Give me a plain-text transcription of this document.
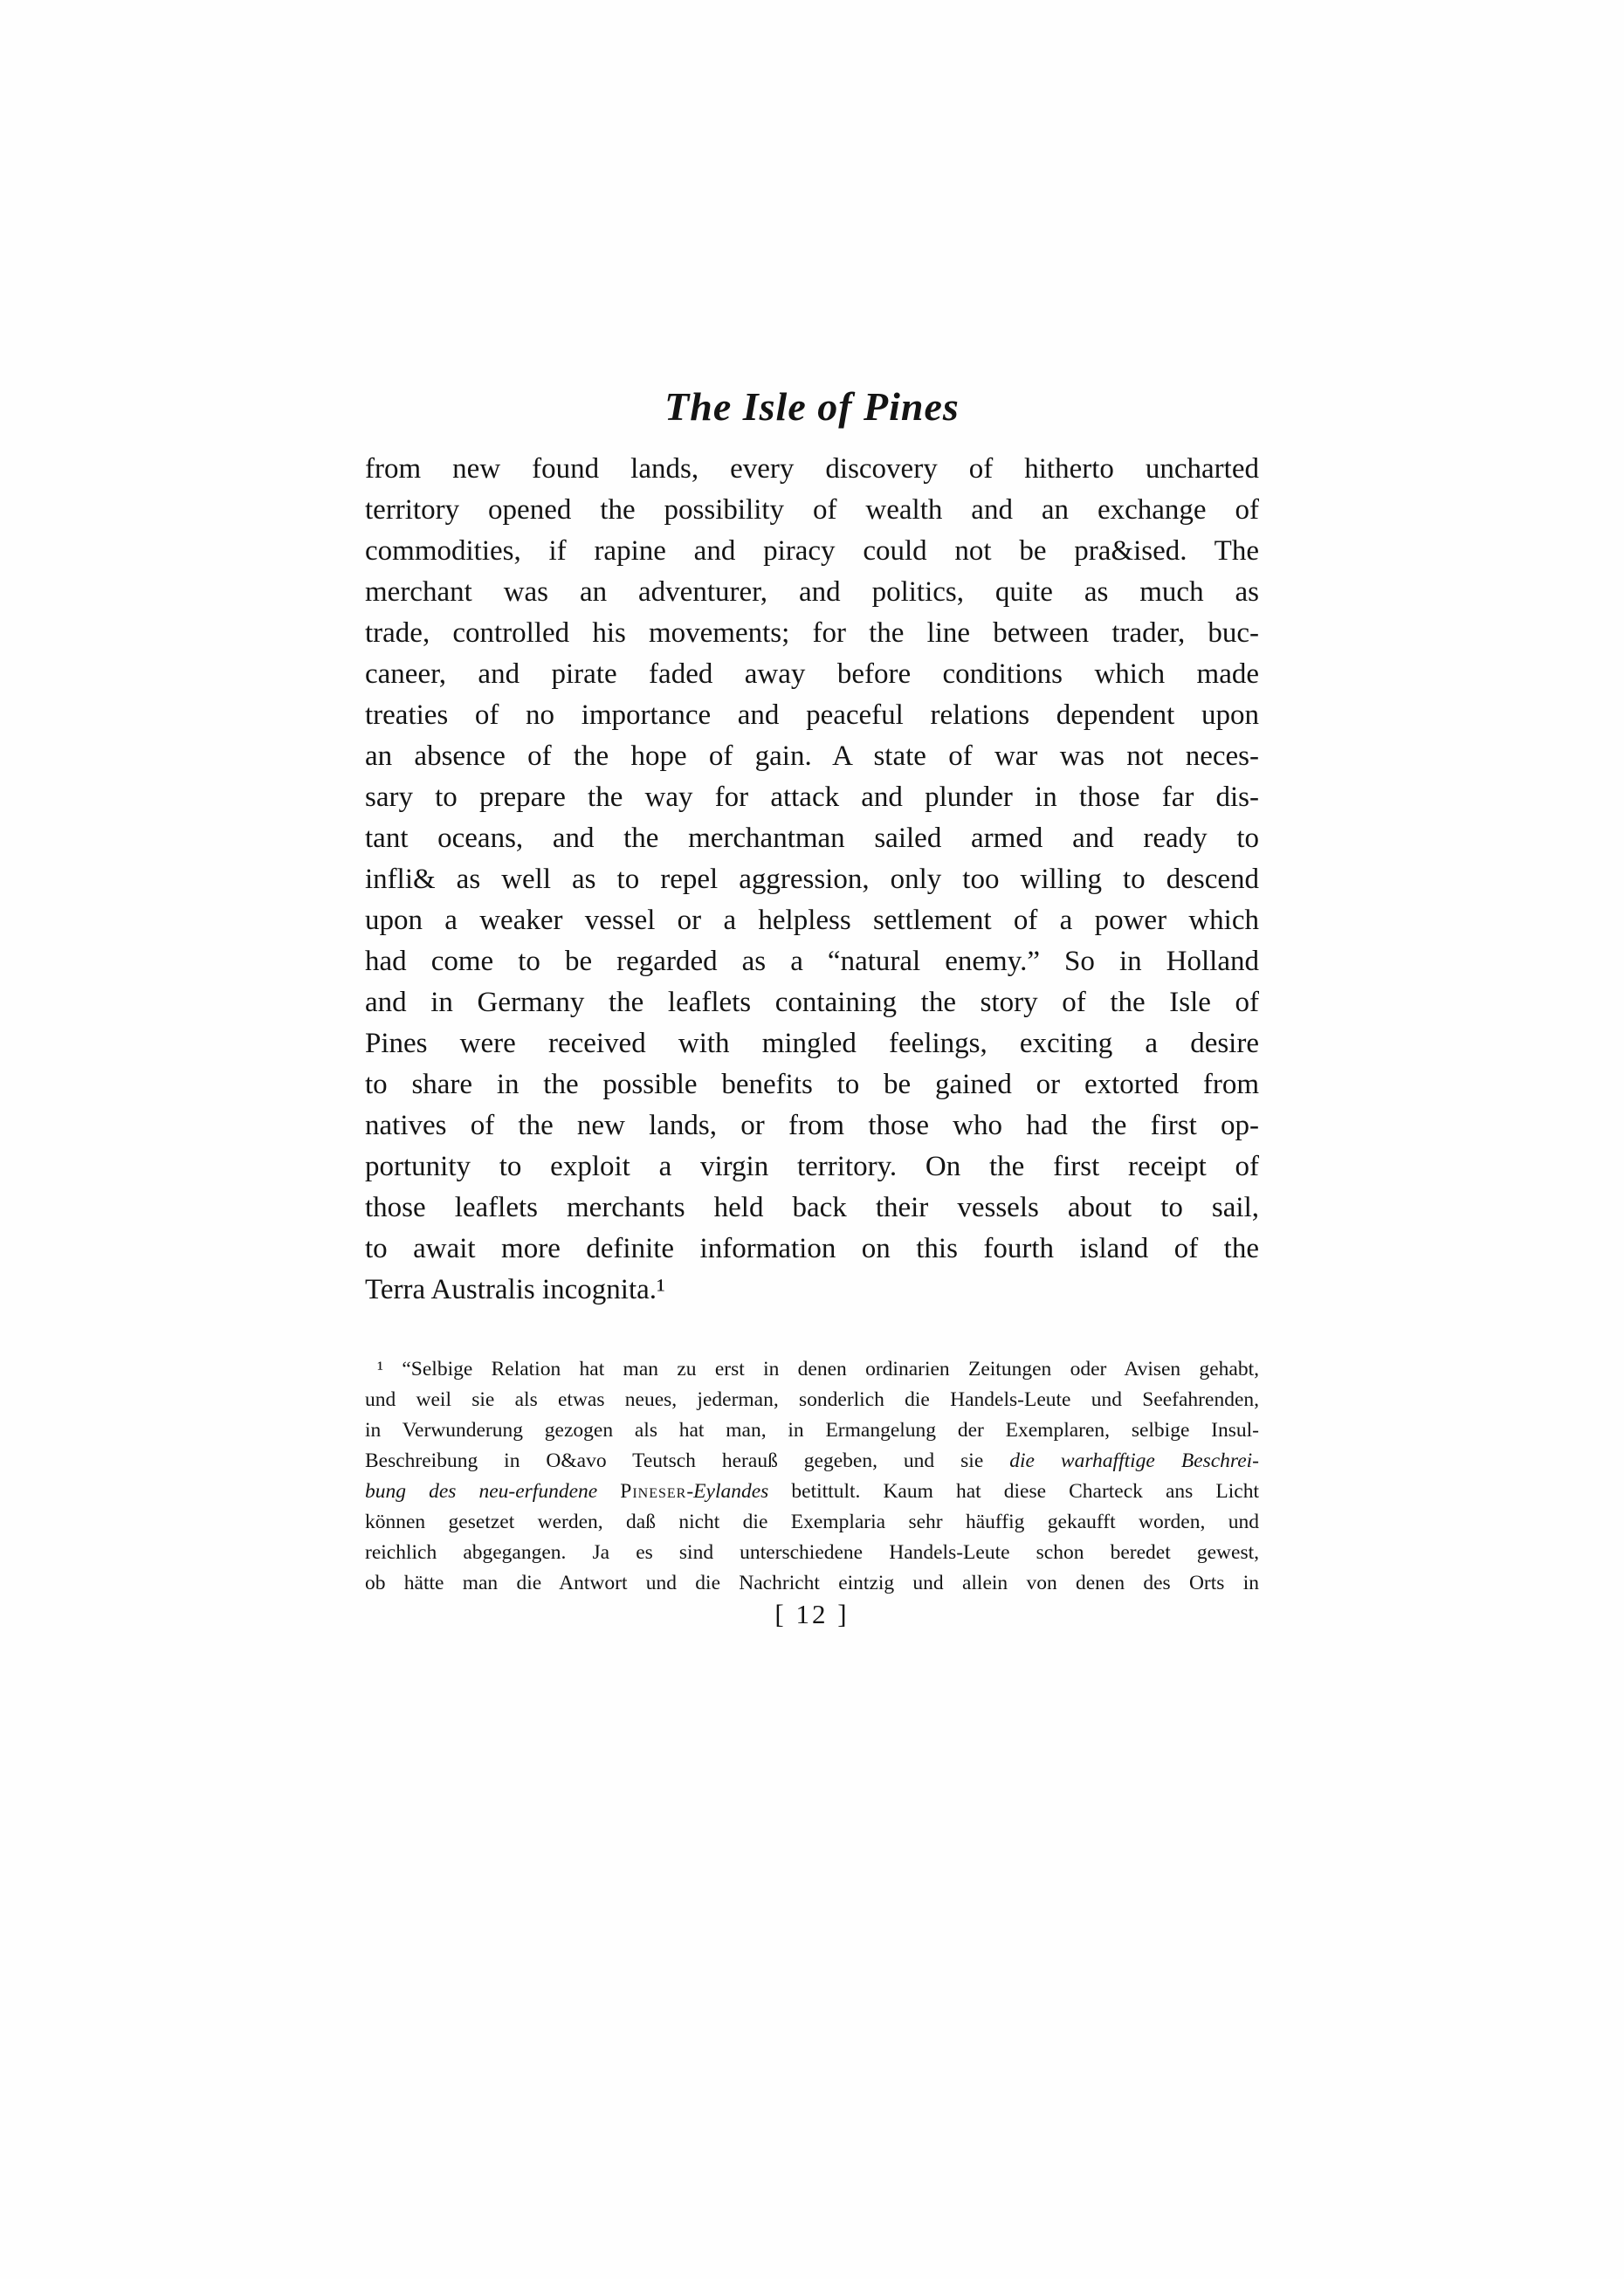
The Isle of Pines
from new found lands, every discovery of hitherto uncharted
territory opened the possibility of wealth and an exchange of
commodities, if rapine and piracy could not be pra&ised. The
merchant was an adventurer, and politics, quite as much as
trade, controlled his movements; for the line between trader, buc-
caneer, and pirate faded away before conditions which made
treaties of no importance and peaceful relations dependent upon
an absence of the hope of gain. A state of war was not neces-
sary to prepare the way for attack and plunder in those far dis-
tant oceans, and the merchantman sailed armed and ready to
infli& as well as to repel aggression, only too willing to descend
upon a weaker vessel or a helpless settlement of a power which
had come to be regarded as a “natural enemy.” So in Holland
and in Germany the leaflets containing the story of the Isle of
Pines were received with mingled feelings, exciting a desire
to share in the possible benefits to be gained or extorted from
natives of the new lands, or from those who had the first op-
portunity to exploit a virgin territory. On the first receipt of
those leaflets merchants held back their vessels about to sail,
to await more definite information on this fourth island of the
Terra Australis incognita.¹
¹ “Selbige Relation hat man zu erst in denen ordinarien Zeitungen oder Avisen gehabt,
und weil sie als etwas neues, jederman, sonderlich die Handels-Leute und Seefahrenden,
in Verwunderung gezogen als hat man, in Ermangelung der Exemplaren, selbige Insul-
Beschreibung in O&avo Teutsch herauß gegeben, und sie die warhafftige Beschrei-
bung des neu-erfundene Pineser-Eylandes betittult. Kaum hat diese Charteck ans Licht
können gesetzet werden, daß nicht die Exemplaria sehr häuffig gekaufft worden, und
reichlich abgegangen. Ja es sind unterschiedene Handels-Leute schon beredet gewest,
ob hätte man die Antwort und die Nachricht eintzig und allein von denen des Orts in
[ 12 ]
